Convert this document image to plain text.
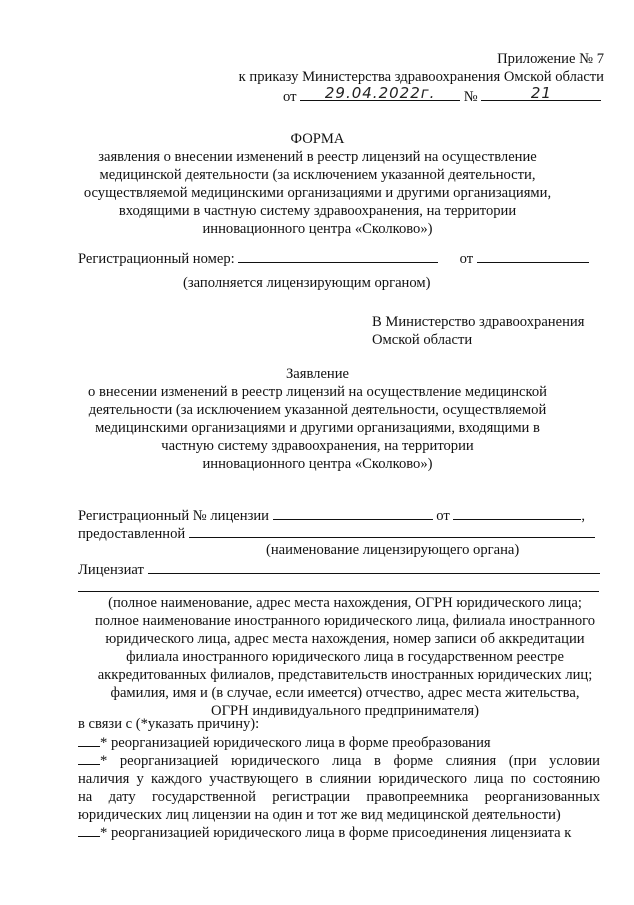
Приложение № 7
к приказу Министерства здравоохранения Омской области
от	29.04.2022г.	№	21
ФОРМА
заявления о внесении изменений в реестр лицензий на осуществление
медицинской деятельности (за исключением указанной деятельности,
осуществляемой медицинскими организациями и другими организациями,
входящими в частную систему здравоохранения, на территории
инновационного центра «Сколково»)
Регистрационный номер:	от
(заполняется лицензирующим органом)
В Министерство здравоохранения
Омской области
Заявление
о внесении изменений в реестр лицензий на осуществление медицинской
деятельности (за исключением указанной деятельности, осуществляемой
медицинскими организациями и другими организациями, входящими в
частную систему здравоохранения, на территории
инновационного центра «Сколково»)
Регистрационный № лицензии	от	,
предоставленной
(наименование лицензирующего органа)
Лицензиат
(полное наименование, адрес места нахождения, ОГРН юридического лица;
полное наименование иностранного юридического лица, филиала иностранного
юридического лица, адрес места нахождения, номер записи об аккредитации
филиала иностранного юридического лица в государственном реестре
аккредитованных филиалов, представительств иностранных юридических лиц;
фамилия, имя и (в случае, если имеется) отчество, адрес места жительства,
ОГРН индивидуального предпринимателя)
в связи с (*указать причину):
* реорганизацией юридического лица в форме преобразования
* реорганизацией юридического лица в форме слияния (при условии
наличия у каждого участвующего в слиянии юридического лица по состоянию
на дату государственной регистрации правопреемника реорганизованных
юридических лиц лицензии на один и тот же вид медицинской деятельности)
* реорганизацией юридического лица в форме присоединения лицензиата к
